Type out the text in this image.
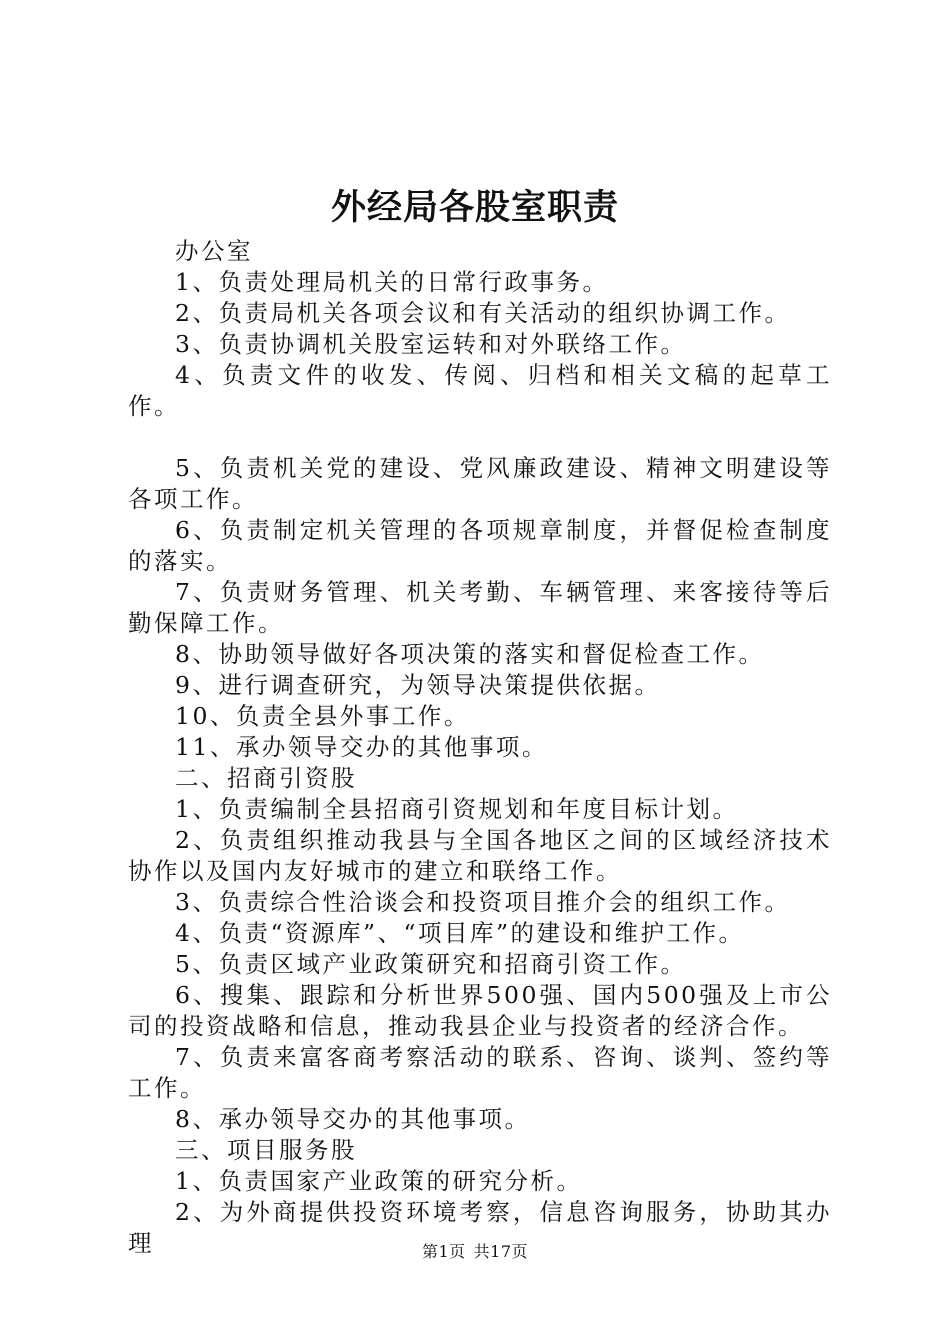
外经局各股室职责

办公室

1、负责处理局机关的日常行政事务。

2、负责局机关各项会议和有关活动的组织协调工作。

3、负责协调机关股室运转和对外联络工作。

4、负责文件的收发、传阅、归档和相关文稿的起草工作。

5、负责机关党的建设、党风廉政建设、精神文明建设等各项工作。

6、负责制定机关管理的各项规章制度，并督促检查制度的落实。

7、负责财务管理、机关考勤、车辆管理、来客接待等后勤保障工作。

8、协助领导做好各项决策的落实和督促检查工作。

9、进行调查研究，为领导决策提供依据。

10、负责全县外事工作。

11、承办领导交办的其他事项。

二、招商引资股

1、负责编制全县招商引资规划和年度目标计划。

2、负责组织推动我县与全国各地区之间的区域经济技术协作以及国内友好城市的建立和联络工作。

3、负责综合性洽谈会和投资项目推介会的组织工作。

4、负责“资源库”、“项目库”的建设和维护工作。

5、负责区域产业政策研究和招商引资工作。

6、搜集、跟踪和分析世界500强、国内500强及上市公司的投资战略和信息，推动我县企业与投资者的经济合作。

7、负责来富客商考察活动的联系、咨询、谈判、签约等工作。

8、承办领导交办的其他事项。

三、项目服务股

1、负责国家产业政策的研究分析。

2、为外商提供投资环境考察，信息咨询服务，协助其办理	第1页 共17页
